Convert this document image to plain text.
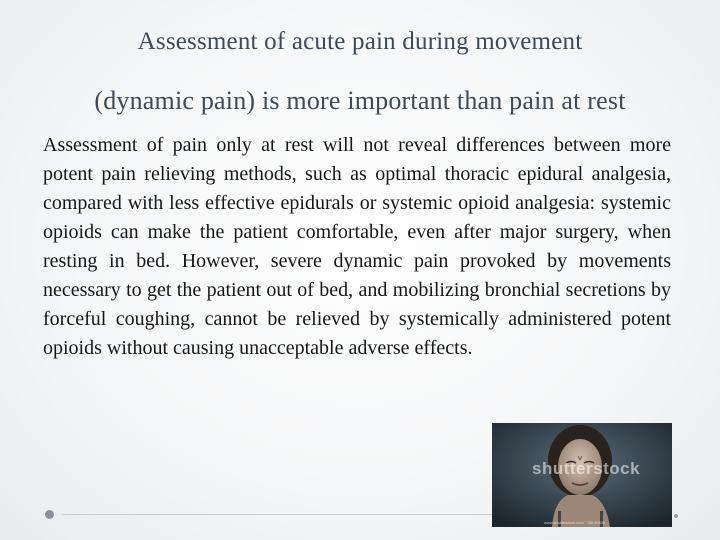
Assessment of acute pain during movement
(dynamic pain) is more important than pain at rest
Assessment of pain only at rest will not reveal differences between more potent pain relieving methods, such as optimal thoracic epidural analgesia, compared with less effective epidurals or systemic opioid analgesia: systemic opioids can make the patient comfortable, even after major surgery, when resting in bed. However, severe dynamic pain provoked by movements necessary to get the patient out of bed, and mobilizing bronchial secretions by forceful coughing, cannot be relieved by systemically administered potent opioids without causing unacceptable adverse effects.
shutterstock
www.shutterstock.com · 98130839
